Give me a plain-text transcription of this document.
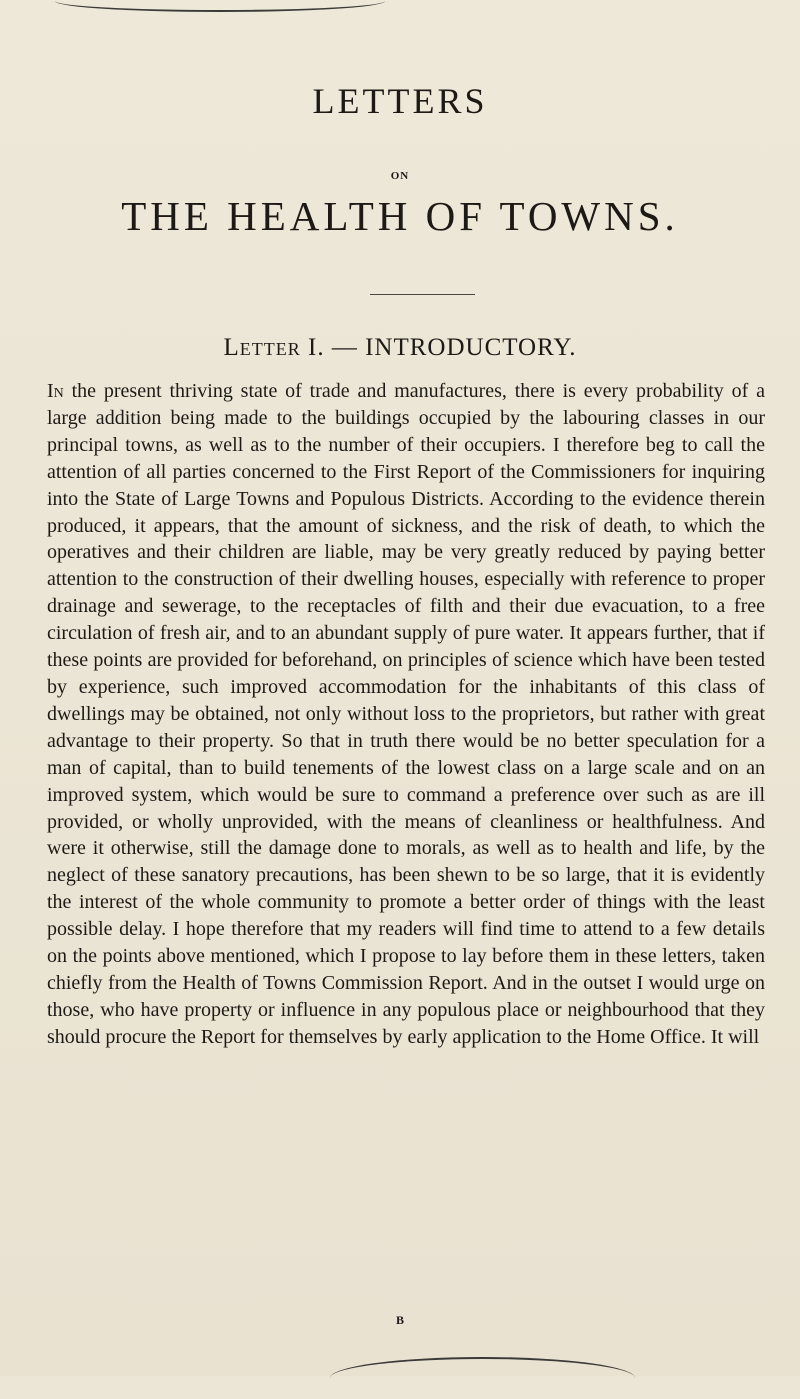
LETTERS
ON
THE HEALTH OF TOWNS.
Letter I. — INTRODUCTORY.

In the present thriving state of trade and manufactures, there is every probability of a large addition being made to the buildings occupied by the labouring classes in our principal towns, as well as to the number of their occupiers. I therefore beg to call the attention of all parties concerned to the First Report of the Commissioners for inquiring into the State of Large Towns and Populous Districts. According to the evidence therein produced, it appears, that the amount of sickness, and the risk of death, to which the operatives and their children are liable, may be very greatly reduced by paying better attention to the construction of their dwelling houses, especially with reference to proper drainage and sewerage, to the receptacles of filth and their due evacuation, to a free circulation of fresh air, and to an abundant supply of pure water. It appears further, that if these points are provided for beforehand, on principles of science which have been tested by experience, such improved accommodation for the inhabitants of this class of dwellings may be obtained, not only without loss to the proprietors, but rather with great advantage to their property. So that in truth there would be no better speculation for a man of capital, than to build tenements of the lowest class on a large scale and on an improved system, which would be sure to command a preference over such as are ill provided, or wholly unprovided, with the means of cleanliness or healthfulness. And were it otherwise, still the damage done to morals, as well as to health and life, by the neglect of these sanatory precautions, has been shewn to be so large, that it is evidently the interest of the whole community to promote a better order of things with the least possible delay. I hope therefore that my readers will find time to attend to a few details on the points above mentioned, which I propose to lay before them in these letters, taken chiefly from the Health of Towns Commission Report. And in the outset I would urge on those, who have property or influence in any populous place or neighbourhood that they should procure the Report for themselves by early application to the Home Office. It will

B
